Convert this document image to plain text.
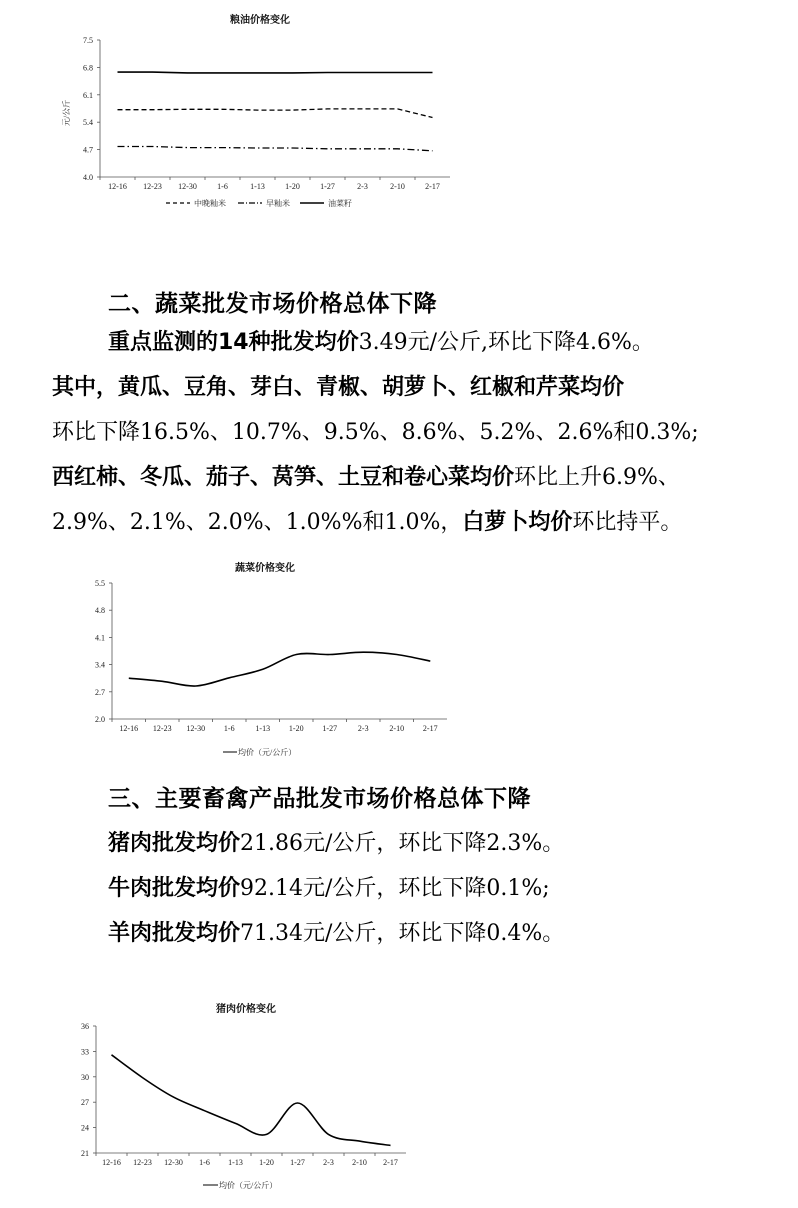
粮油价格变化
元/公斤
中晚籼米	早籼米	油菜籽
4.0
4.7
5.4
6.1
6.8
7.5
12-16 12-23 12-30	1-6	1-13	1-20	1-27	2-3	2-10	2-17
二、蔬菜批发市场价格总体下降
重点监测的14种批发均价3.49元/公斤,环比下降4.6%。
其中，黄瓜、豆角、芽白、青椒、胡萝卜、红椒和芹菜均价
环比下降16.5%、10.7%、9.5%、8.6%、5.2%、2.6%和0.3%;
西红柿、冬瓜、茄子、莴笋、土豆和卷心菜均价环比上升6.9%、
2.9%、2.1%、2.0%、1.0%%和1.0%，白萝卜均价环比持平。
蔬菜价格变化
均价（元/公斤）
2.0
2.7
3.4
4.1
4.8
5.5
12-16 12-23 12-30 1-6	1-13 1-20 1-27	2-3	2-10 2-17
三、主要畜禽产品批发市场价格总体下降
猪肉批发均价21.86元/公斤，环比下降2.3%。
牛肉批发均价92.14元/公斤，环比下降0.1%;
羊肉批发均价71.34元/公斤，环比下降0.4%。
猪肉价格变化
均价（元/公斤）
21
24
27
30
33
36
12-16 12-23 12-30 1-6 1-13 1-20 1-27 2-3 2-10 2-17
